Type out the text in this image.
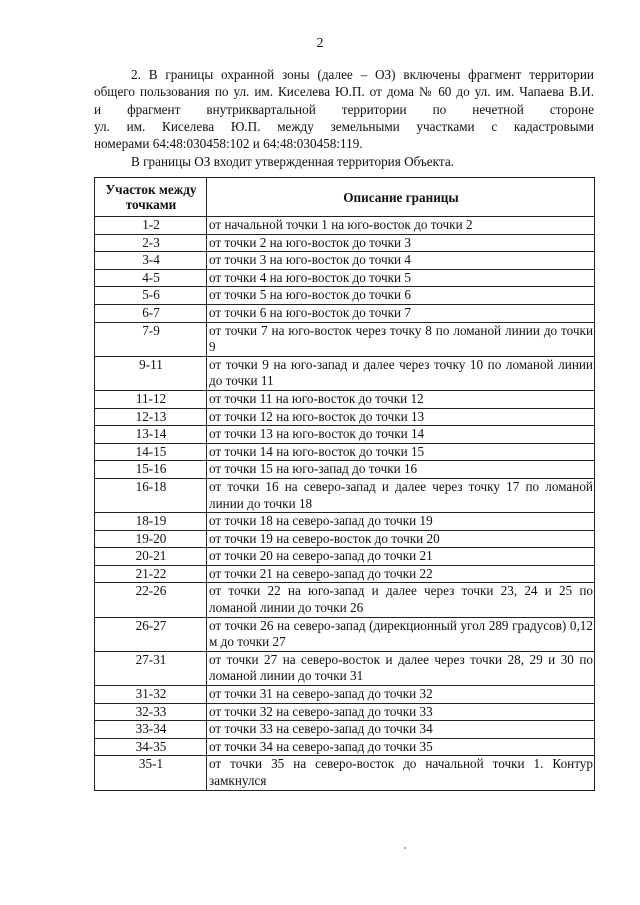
2
2. В границы охранной зоны (далее – ОЗ) включены фрагмент территории
общего пользования по ул. им. Киселева Ю.П. от дома № 60 до ул. им. Чапаева В.И.
и фрагмент внутриквартальной территории по нечетной стороне
ул. им. Киселева Ю.П. между земельными участками с кадастровыми
номерами 64:48:030458:102 и 64:48:030458:119.
В границы ОЗ входит утвержденная территория Объекта.
Участок между точками	Описание границы
1-2	от начальной точки 1 на юго-восток до точки 2
2-3	от точки 2 на юго-восток до точки 3
3-4	от точки 3 на юго-восток до точки 4
4-5	от точки 4 на юго-восток до точки 5
5-6	от точки 5 на юго-восток до точки 6
6-7	от точки 6 на юго-восток до точки 7
7-9	от точки 7 на юго-восток через точку 8 по ломаной линии до точки 9
9-11	от точки 9 на юго-запад и далее через точку 10 по ломаной линии до точки 11
11-12	от точки 11 на юго-восток до точки 12
12-13	от точки 12 на юго-восток до точки 13
13-14	от точки 13 на юго-восток до точки 14
14-15	от точки 14 на юго-восток до точки 15
15-16	от точки 15 на юго-запад до точки 16
16-18	от точки 16 на северо-запад и далее через точку 17 по ломаной линии до точки 18
18-19	от точки 18 на северо-запад до точки 19
19-20	от точки 19 на северо-восток до точки 20
20-21	от точки 20 на северо-запад до точки 21
21-22	от точки 21 на северо-запад до точки 22
22-26	от точки 22 на юго-запад и далее через точки 23, 24 и 25 по ломаной линии до точки 26
26-27	от точки 26 на северо-запад (дирекционный угол 289 градусов) 0,12 м до точки 27
27-31	от точки 27 на северо-восток и далее через точки 28, 29 и 30 по ломаной линии до точки 31
31-32	от точки 31 на северо-запад до точки 32
32-33	от точки 32 на северо-запад до точки 33
33-34	от точки 33 на северо-запад до точки 34
34-35	от точки 34 на северо-запад до точки 35
35-1	от точки 35 на северо-восток до начальной точки 1. Контур замкнулся
